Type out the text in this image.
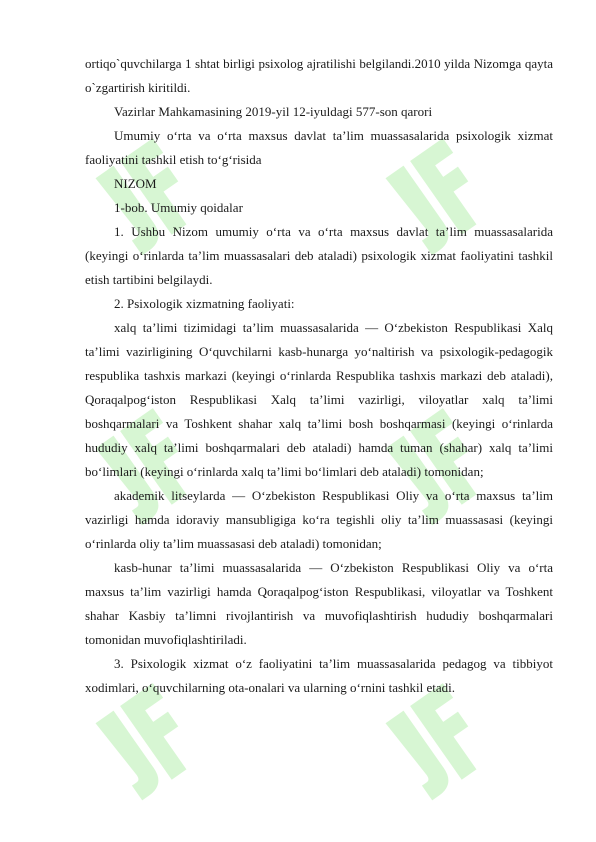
ortiqo`quvchilarga 1 shtat birligi psixolog ajratilishi belgilandi.2010 yilda Nizomga qayta o`zgartirish kiritildi.

Vazirlar Mahkamasining 2019-yil 12-iyuldagi 577-son qarori

Umumiy o‘rta va o‘rta maxsus davlat ta’lim muassasalarida psixologik xizmat faoliyatini tashkil etish to‘g‘risida

NIZOM

1-bob. Umumiy qoidalar

1. Ushbu Nizom umumiy o‘rta va o‘rta maxsus davlat ta’lim muassasalarida (keyingi o‘rinlarda ta’lim muassasalari deb ataladi) psixologik xizmat faoliyatini tashkil etish tartibini belgilaydi.

2. Psixologik xizmatning faoliyati:

xalq ta’limi tizimidagi ta’lim muassasalarida — O‘zbekiston Respublikasi Xalq ta’limi vazirligining O‘quvchilarni kasb-hunarga yo‘naltirish va psixologik-pedagogik respublika tashxis markazi (keyingi o‘rinlarda Respublika tashxis markazi deb ataladi), Qoraqalpog‘iston Respublikasi Xalq ta’limi vazirligi, viloyatlar xalq ta’limi boshqarmalari va Toshkent shahar xalq ta’limi bosh boshqarmasi (keyingi o‘rinlarda hududiy xalq ta’limi boshqarmalari deb ataladi) hamda tuman (shahar) xalq ta’limi bo‘limlari (keyingi o‘rinlarda xalq ta’limi bo‘limlari deb ataladi) tomonidan;

akademik litseylarda — O‘zbekiston Respublikasi Oliy va o‘rta maxsus ta’lim vazirligi hamda idoraviy mansubligiga ko‘ra tegishli oliy ta’lim muassasasi (keyingi o‘rinlarda oliy ta’lim muassasasi deb ataladi) tomonidan;

kasb-hunar ta’limi muassasalarida — O‘zbekiston Respublikasi Oliy va o‘rta maxsus ta’lim vazirligi hamda Qoraqalpog‘iston Respublikasi, viloyatlar va Toshkent shahar Kasbiy ta’limni rivojlantirish va muvofiqlashtirish hududiy boshqarmalari tomonidan muvofiqlashtiriladi.

3. Psixologik xizmat o‘z faoliyatini ta’lim muassasalarida pedagog va tibbiyot xodimlari, o‘quvchilarning ota-onalari va ularning o‘rnini tashkil etadi.
